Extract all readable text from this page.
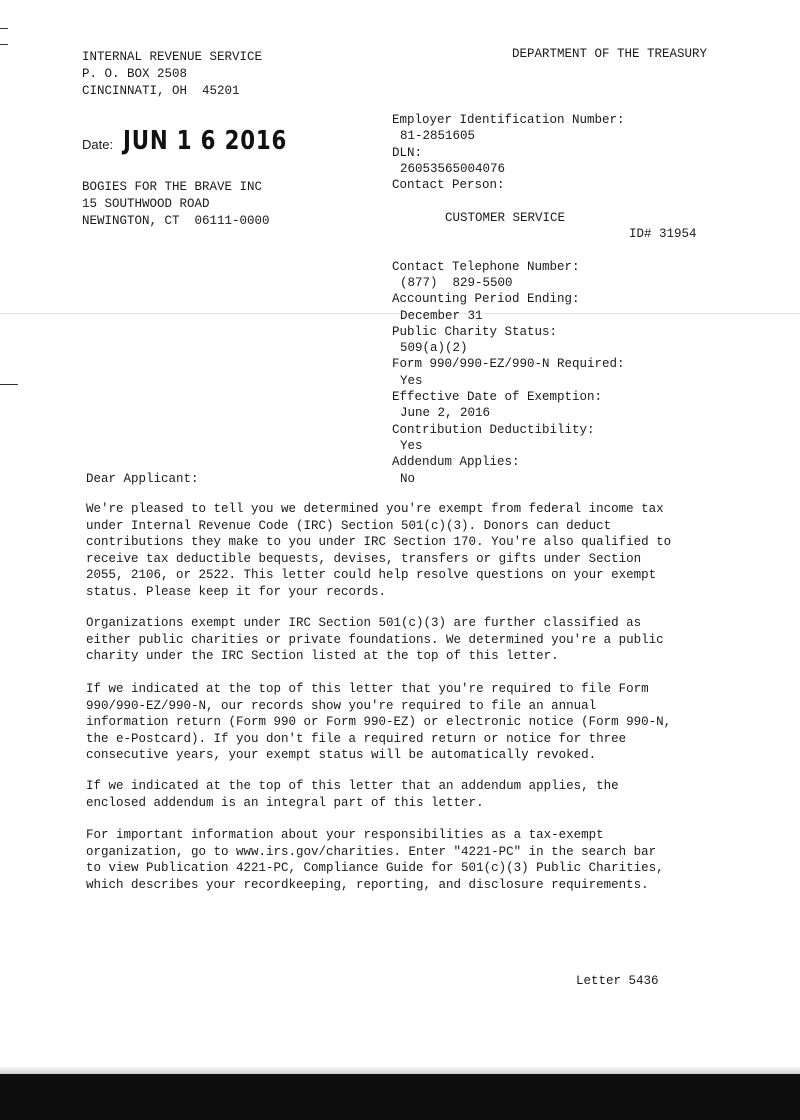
INTERNAL REVENUE SERVICE
P. O. BOX 2508
CINCINNATI, OH  45201
DEPARTMENT OF THE TREASURY
Date: JUN 1 6 2016
BOGIES FOR THE BRAVE INC
15 SOUTHWOOD ROAD
NEWINGTON, CT  06111-0000
Employer Identification Number:
81-2851605
DLN:
26053565004076
Contact Person:

CUSTOMER SERVICE

ID# 31954

Contact Telephone Number:
(877)  829-5500
Accounting Period Ending:
December 31
Public Charity Status:
509(a)(2)
Form 990/990-EZ/990-N Required:
Yes
Effective Date of Exemption:
June 2, 2016
Contribution Deductibility:
Yes
Addendum Applies:
No
Dear Applicant:
We're pleased to tell you we determined you're exempt from federal income tax
under Internal Revenue Code (IRC) Section 501(c)(3). Donors can deduct
contributions they make to you under IRC Section 170. You're also qualified to
receive tax deductible bequests, devises, transfers or gifts under Section
2055, 2106, or 2522. This letter could help resolve questions on your exempt
status. Please keep it for your records.
Organizations exempt under IRC Section 501(c)(3) are further classified as
either public charities or private foundations. We determined you're a public
charity under the IRC Section listed at the top of this letter.
If we indicated at the top of this letter that you're required to file Form
990/990-EZ/990-N, our records show you're required to file an annual
information return (Form 990 or Form 990-EZ) or electronic notice (Form 990-N,
the e-Postcard). If you don't file a required return or notice for three
consecutive years, your exempt status will be automatically revoked.
If we indicated at the top of this letter that an addendum applies, the
enclosed addendum is an integral part of this letter.
For important information about your responsibilities as a tax-exempt
organization, go to www.irs.gov/charities. Enter "4221-PC" in the search bar
to view Publication 4221-PC, Compliance Guide for 501(c)(3) Public Charities,
which describes your recordkeeping, reporting, and disclosure requirements.
Letter 5436
